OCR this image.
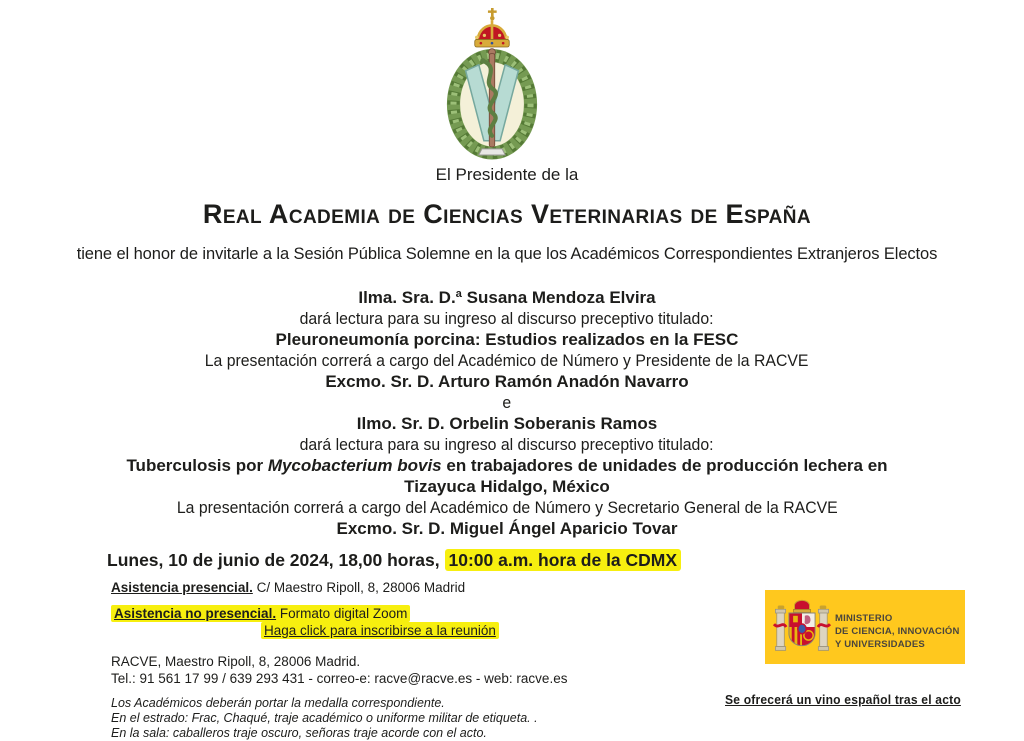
El Presidente de la
Real Academia de Ciencias Veterinarias de España
tiene el honor de invitarle a la Sesión Pública Solemne en la que los Académicos Correspondientes Extranjeros Electos
Ilma. Sra. D.ª Susana Mendoza Elvira
dará lectura para su ingreso al discurso preceptivo titulado:
Pleuroneumonía porcina: Estudios realizados en la FESC
La presentación correrá a cargo del Académico de Número y Presidente de la RACVE
Excmo. Sr. D. Arturo Ramón Anadón Navarro
e
Ilmo. Sr. D. Orbelin Soberanis Ramos
dará lectura para su ingreso al discurso preceptivo titulado:
Tuberculosis por Mycobacterium bovis en trabajadores de unidades de producción lechera en
Tizayuca Hidalgo, México
La presentación correrá a cargo del Académico de Número y Secretario General de la RACVE
Excmo. Sr. D. Miguel Ángel Aparicio Tovar
Lunes, 10 de junio de 2024, 18,00 horas, 10:00 a.m. hora de la CDMX
Asistencia presencial. C/ Maestro Ripoll, 8, 28006 Madrid
Asistencia no presencial. Formato digital Zoom
Haga click para inscribirse a la reunión
RACVE, Maestro Ripoll, 8, 28006 Madrid.
Tel.: 91 561 17 99 / 639 293 431 - correo-e: racve@racve.es - web: racve.es
Los Académicos deberán portar la medalla correspondiente.
En el estrado: Frac, Chaqué, traje académico o uniforme militar de etiqueta. .
En la sala: caballeros traje oscuro, señoras traje acorde con el acto.
MINISTERIO
DE CIENCIA, INNOVACIÓN
Y UNIVERSIDADES
Se ofrecerá un vino español tras el acto
